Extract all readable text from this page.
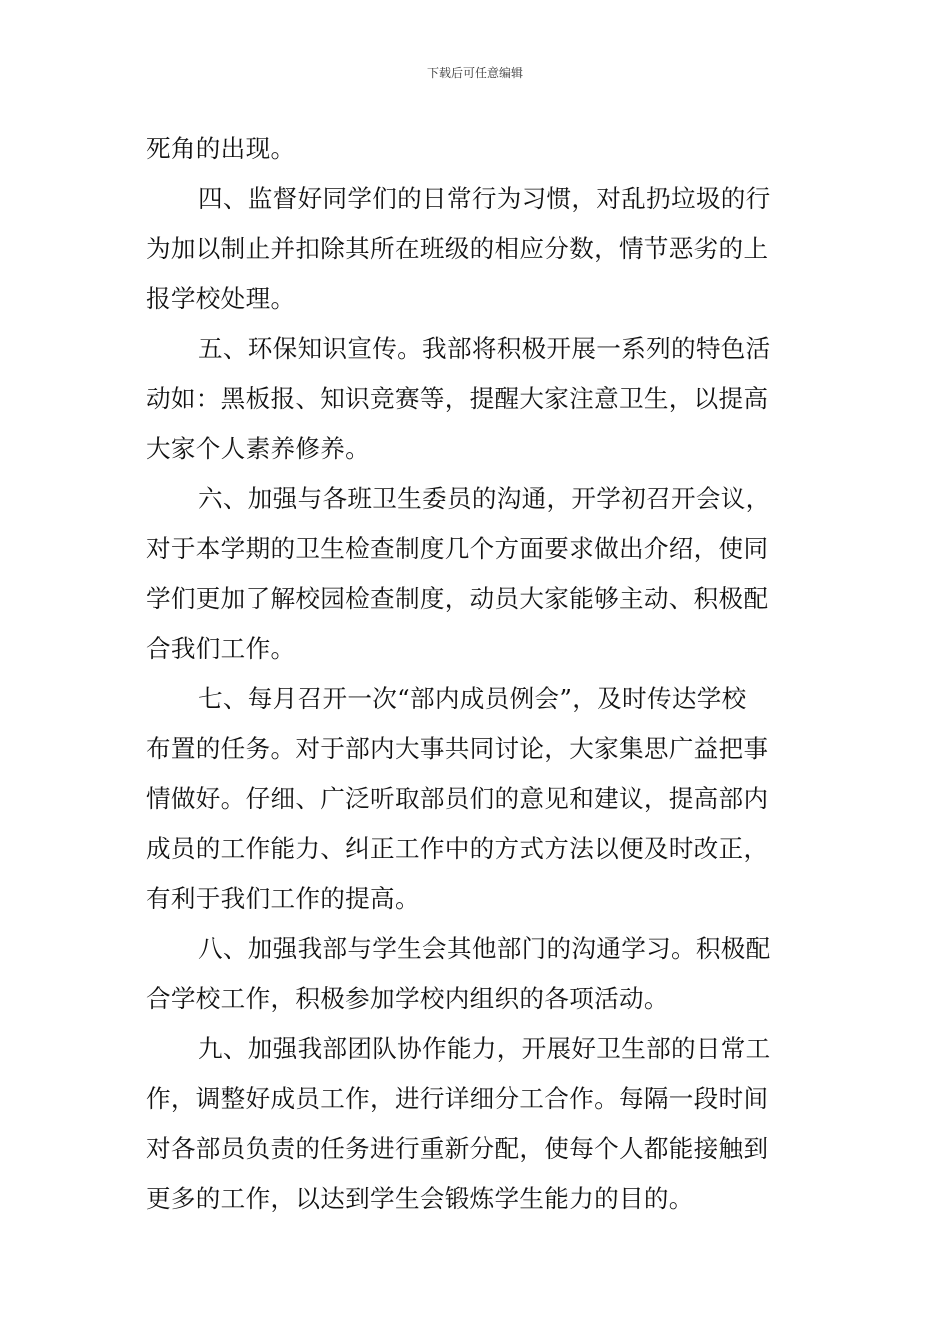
下载后可任意编辑
死角的出现。
四、监督好同学们的日常行为习惯，对乱扔垃圾的行
为加以制止并扣除其所在班级的相应分数，情节恶劣的上
报学校处理。
五、环保知识宣传。我部将积极开展一系列的特色活
动如：黑板报、知识竞赛等，提醒大家注意卫生，以提高
大家个人素养修养。
六、加强与各班卫生委员的沟通，开学初召开会议，
对于本学期的卫生检查制度几个方面要求做出介绍，使同
学们更加了解校园检查制度，动员大家能够主动、积极配
合我们工作。
七、每月召开一次“部内成员例会”，及时传达学校
布置的任务。对于部内大事共同讨论，大家集思广益把事
情做好。仔细、广泛听取部员们的意见和建议，提高部内
成员的工作能力、纠正工作中的方式方法以便及时改正，
有利于我们工作的提高。
八、加强我部与学生会其他部门的沟通学习。积极配
合学校工作，积极参加学校内组织的各项活动。
九、加强我部团队协作能力，开展好卫生部的日常工
作，调整好成员工作，进行详细分工合作。每隔一段时间
对各部员负责的任务进行重新分配，使每个人都能接触到
更多的工作，以达到学生会锻炼学生能力的目的。
